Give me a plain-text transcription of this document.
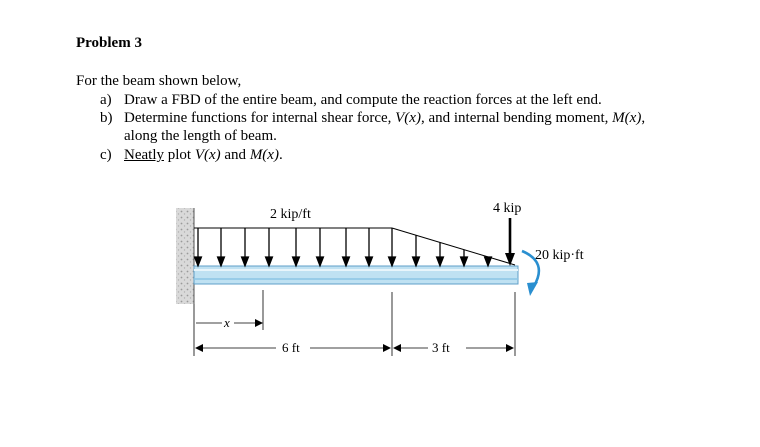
Problem 3
For the beam shown below,
a) Draw a FBD of the entire beam, and compute the reaction forces at the left end.
b) Determine functions for internal shear force, V(x), and internal bending moment, M(x),
along the length of beam.
c) Neatly plot V(x) and M(x).
2 kip/ft	4 kip
20 kip·ft
x
6 ft	3 ft
